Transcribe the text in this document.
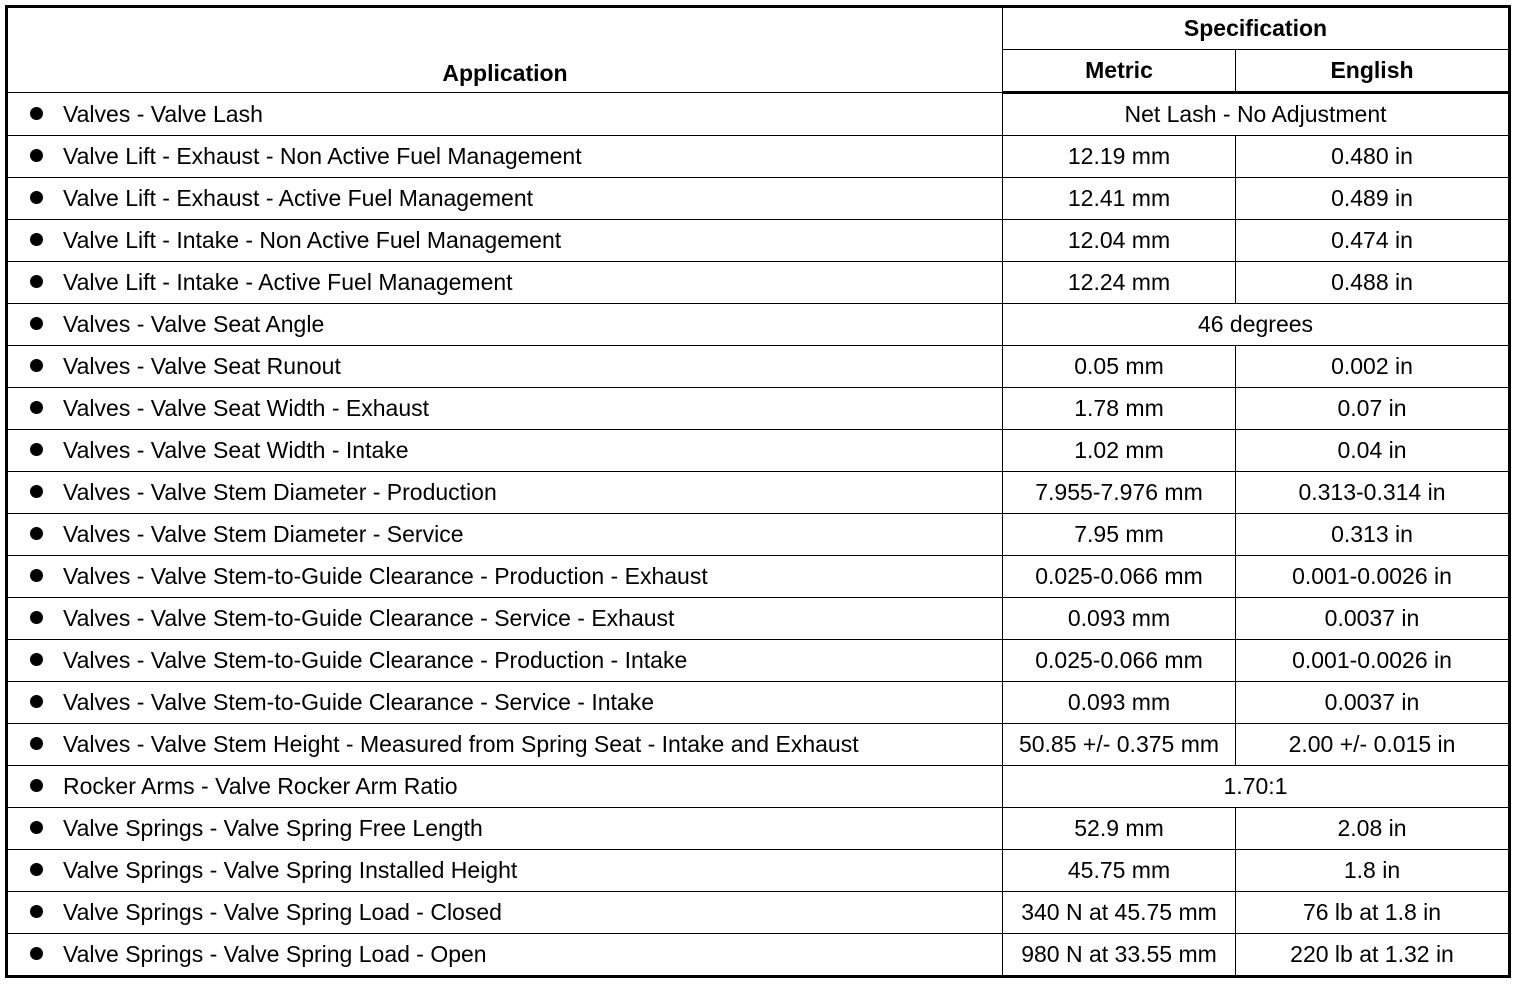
Application	Specification	
	Metric	English
Valves - Valve Lash	Net Lash - No Adjustment	
Valve Lift - Exhaust - Non Active Fuel Management	12.19 mm	0.480 in
Valve Lift - Exhaust - Active Fuel Management	12.41 mm	0.489 in
Valve Lift - Intake - Non Active Fuel Management	12.04 mm	0.474 in
Valve Lift - Intake - Active Fuel Management	12.24 mm	0.488 in
Valves - Valve Seat Angle	46 degrees	
Valves - Valve Seat Runout	0.05 mm	0.002 in
Valves - Valve Seat Width - Exhaust	1.78 mm	0.07 in
Valves - Valve Seat Width - Intake	1.02 mm	0.04 in
Valves - Valve Stem Diameter - Production	7.955-7.976 mm	0.313-0.314 in
Valves - Valve Stem Diameter - Service	7.95 mm	0.313 in
Valves - Valve Stem-to-Guide Clearance - Production - Exhaust	0.025-0.066 mm	0.001-0.0026 in
Valves - Valve Stem-to-Guide Clearance - Service - Exhaust	0.093 mm	0.0037 in
Valves - Valve Stem-to-Guide Clearance - Production - Intake	0.025-0.066 mm	0.001-0.0026 in
Valves - Valve Stem-to-Guide Clearance - Service - Intake	0.093 mm	0.0037 in
Valves - Valve Stem Height - Measured from Spring Seat - Intake and Exhaust	50.85 +/- 0.375 mm	2.00 +/- 0.015 in
Rocker Arms - Valve Rocker Arm Ratio	1.70:1	
Valve Springs - Valve Spring Free Length	52.9 mm	2.08 in
Valve Springs - Valve Spring Installed Height	45.75 mm	1.8 in
Valve Springs - Valve Spring Load - Closed	340 N at 45.75 mm	76 lb at 1.8 in
Valve Springs - Valve Spring Load - Open	980 N at 33.55 mm	220 lb at 1.32 in
